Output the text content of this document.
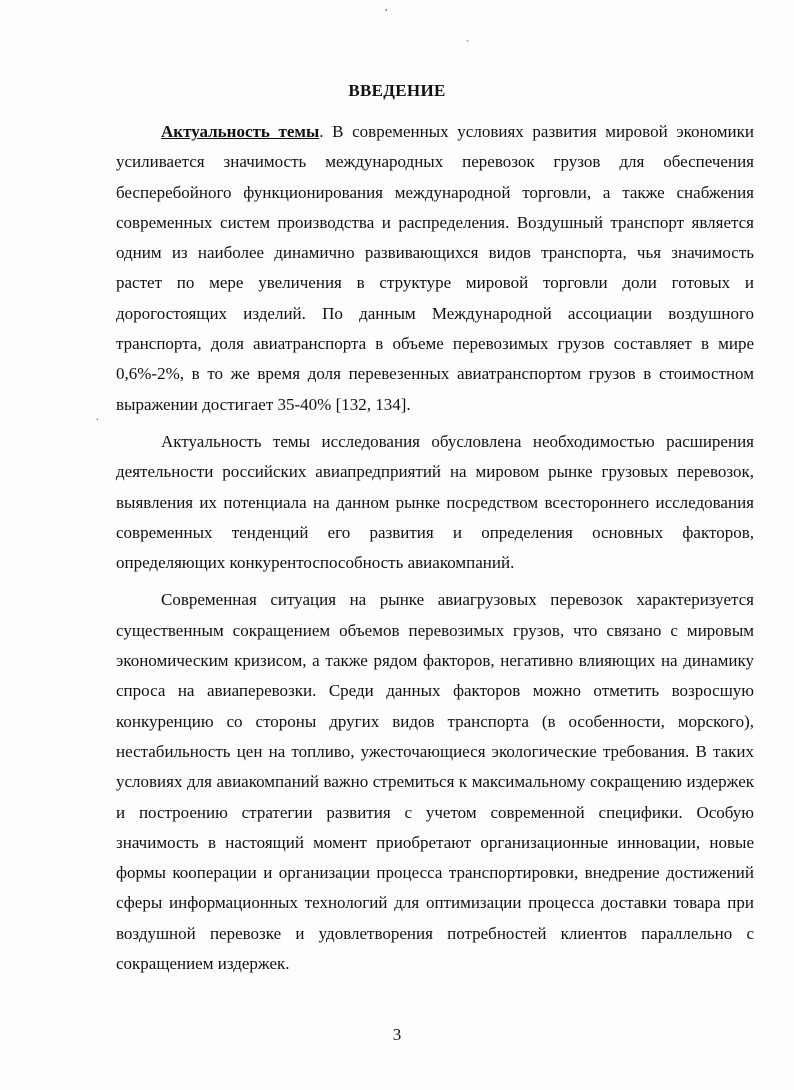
,
`
.
ВВЕДЕНИЕ

Актуальность темы. В современных условиях развития мировой экономики усиливается значимость международных перевозок грузов для обеспечения бесперебойного функционирования международной торговли, а также снабжения современных систем производства и распределения. Воздушный транспорт является одним из наиболее динамично развивающихся видов транспорта, чья значимость растет по мере увеличения в структуре мировой торговли доли готовых и дорогостоящих изделий. По данным Международной ассоциации воздушного транспорта, доля авиатранспорта в объеме перевозимых грузов составляет в мире 0,6%-2%, в то же время доля перевезенных авиатранспортом грузов в стоимостном выражении достигает 35-40% [132, 134].

Актуальность темы исследования обусловлена необходимостью расширения деятельности российских авиапредприятий на мировом рынке грузовых перевозок, выявления их потенциала на данном рынке посредством всестороннего исследования современных тенденций его развития и определения основных факторов, определяющих конкурентоспособность авиакомпаний.

Современная ситуация на рынке авиагрузовых перевозок характеризуется существенным сокращением объемов перевозимых грузов, что связано с мировым экономическим кризисом, а также рядом факторов, негативно влияющих на динамику спроса на авиаперевозки. Среди данных факторов можно отметить возросшую конкуренцию со стороны других видов транспорта (в особенности, морского), нестабильность цен на топливо, ужесточающиеся экологические требования. В таких условиях для авиакомпаний важно стремиться к максимальному сокращению издержек и построению стратегии развития с учетом современной специфики. Особую значимость в настоящий момент приобретают организационные инновации, новые формы кооперации и организации процесса транспортировки, внедрение достижений сферы информационных технологий для оптимизации процесса доставки товара при воздушной перевозке и удовлетворения потребностей клиентов параллельно с сокращением издержек.

3
